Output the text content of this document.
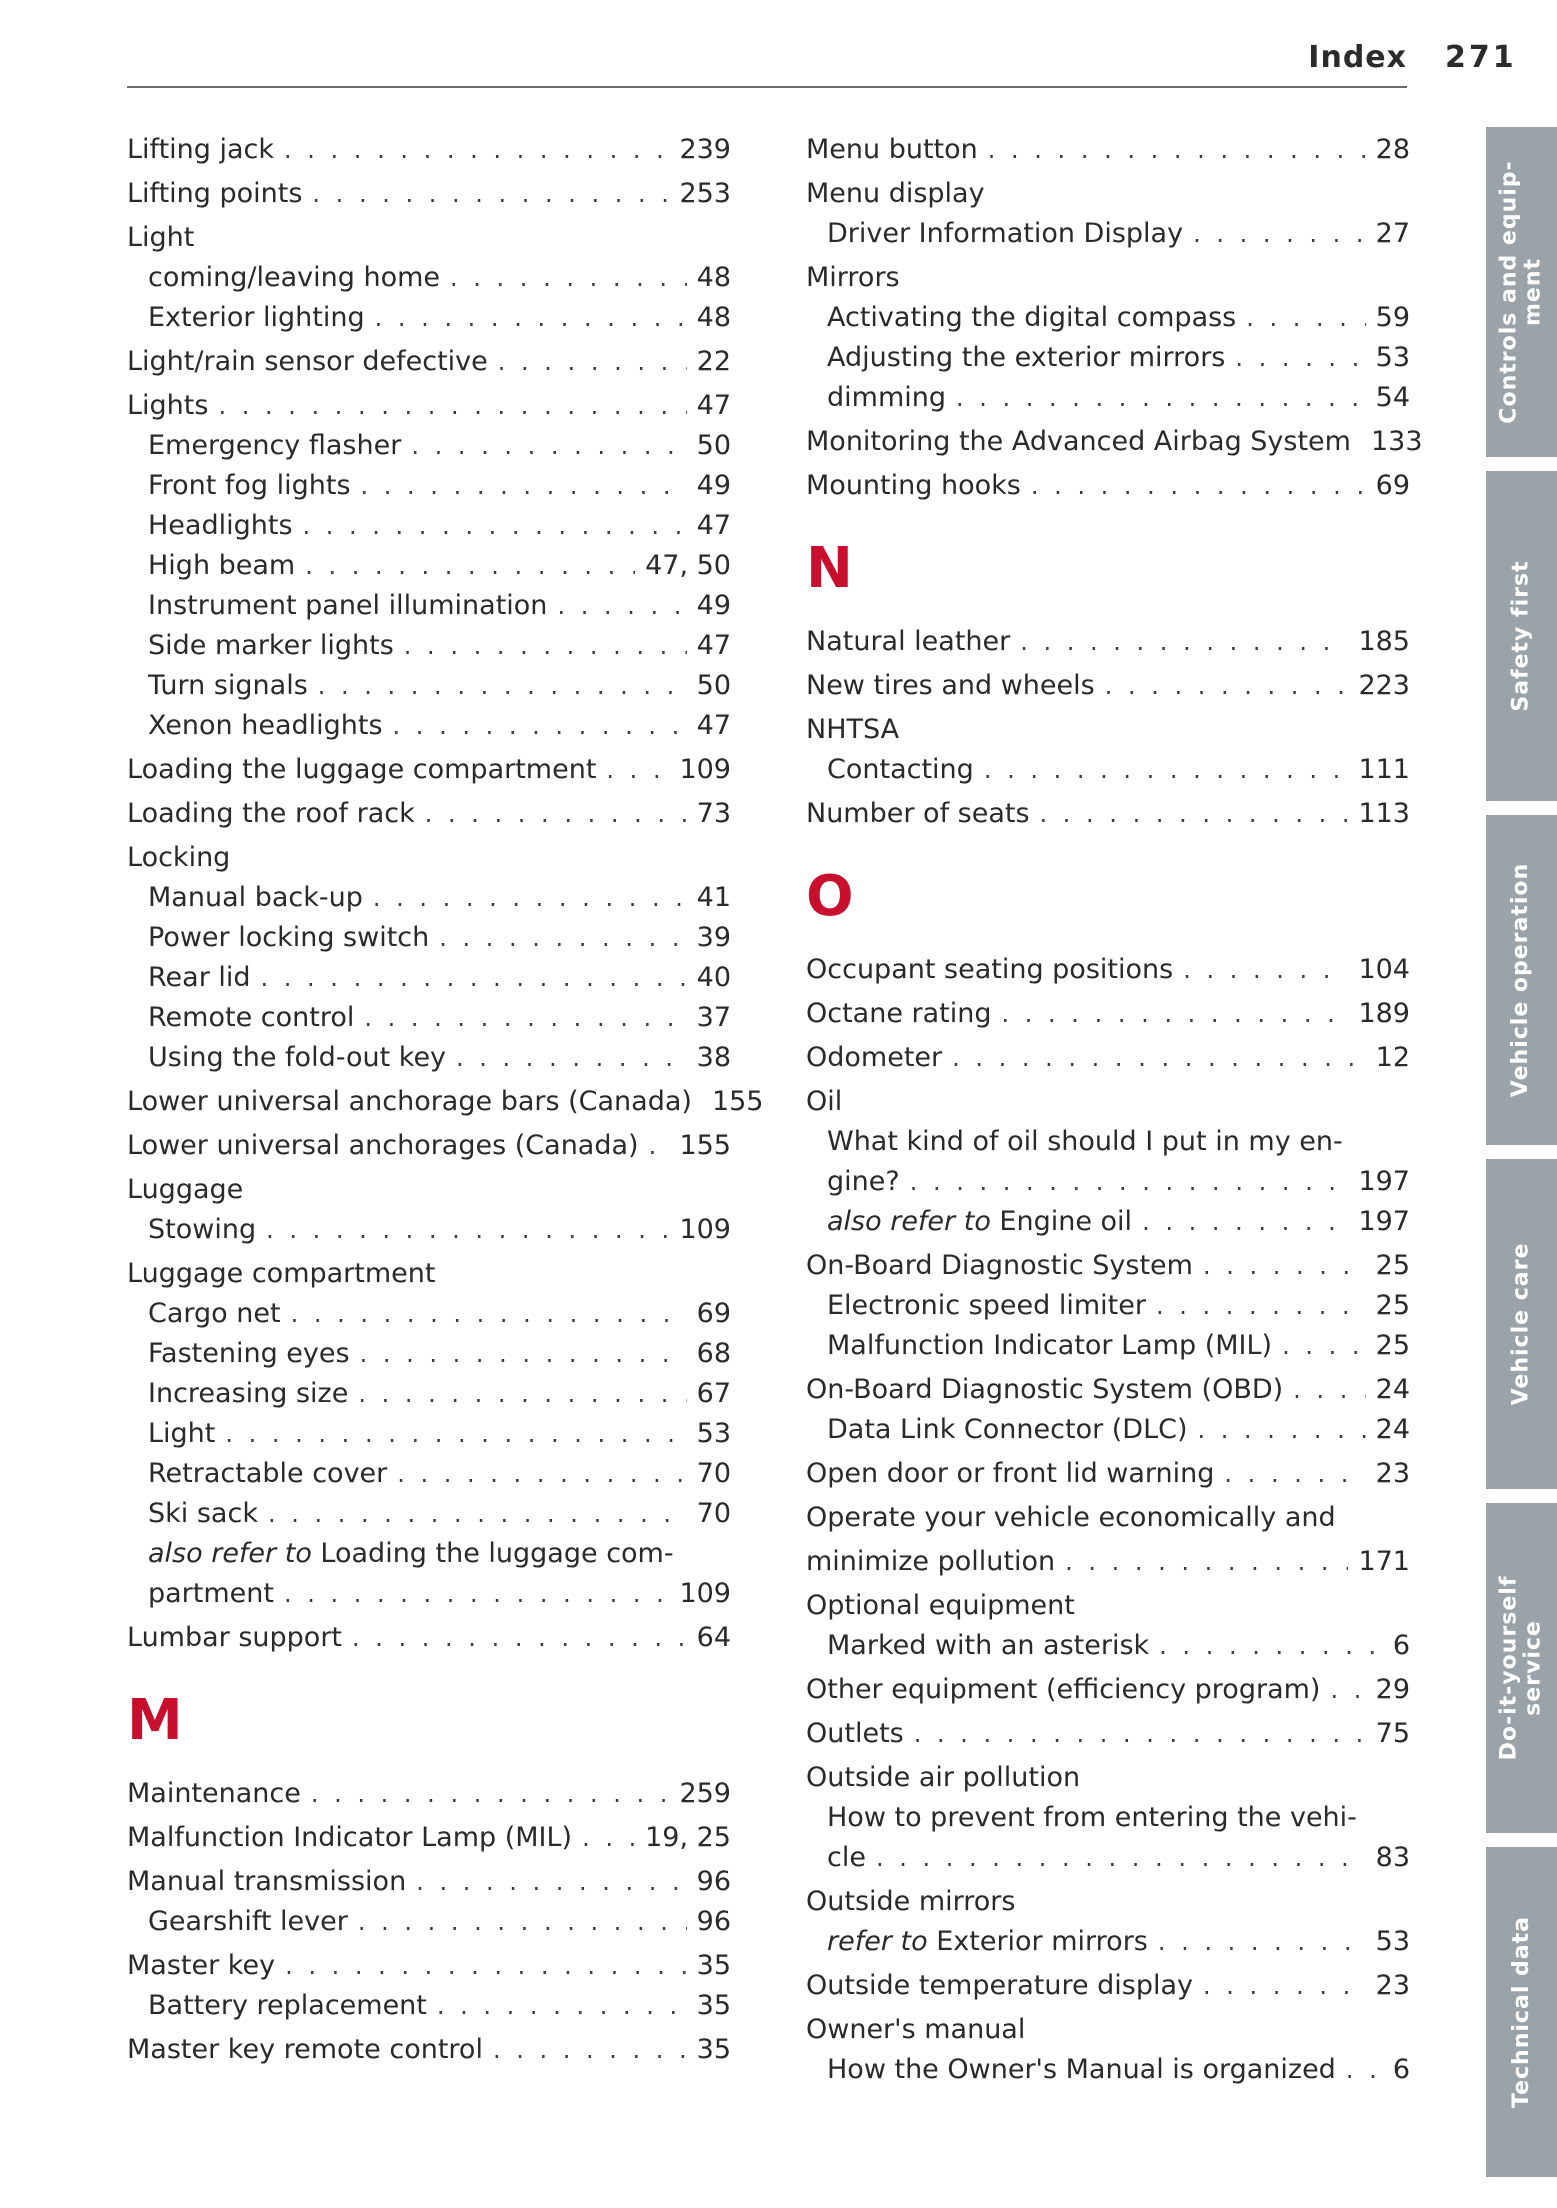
Index 271
Lifting jack . . .	239
Lifting points . . .	253
Light
coming/leaving home . . .	48
Exterior lighting . . .	48
Light/rain sensor defective . . .	22
Lights . . .	47
Emergency flasher . . .	50
Front fog lights . . .	49
Headlights . . .	47
High beam . . .	47, 50
Instrument panel illumination . . .	49
Side marker lights . . .	47
Turn signals . . .	50
Xenon headlights . . .	47
Loading the luggage compartment . . .	109
Loading the roof rack . . .	73
Locking
Manual back-up . . .	41
Power locking switch . . .	39
Rear lid . . .	40
Remote control . . .	37
Using the fold-out key . . .	38
Lower universal anchorage bars (Canada) 155
Lower universal anchorages (Canada) . . . 155
Luggage
Stowing . . .	109
Luggage compartment
Cargo net . . .	69
Fastening eyes . . .	68
Increasing size . . .	67
Light . . .	53
Retractable cover . . .	70
Ski sack . . .	70
also refer to Loading the luggage com-
partment . . .	109
Lumbar support . . .	64
M
Maintenance . . .	259
Malfunction Indicator Lamp (MIL) . . .	19, 25
Manual transmission . . .	96
Gearshift lever . . .	96
Master key . . .	35
Battery replacement . . .	35
Master key remote control . . .	35
Menu button . . .	28
Menu display
Driver Information Display . . .	27
Mirrors
Activating the digital compass . . .	59
Adjusting the exterior mirrors . . .	53
dimming . . .	54
Monitoring the Advanced Airbag System 133
Mounting hooks . . .	69
N
Natural leather . . .	185
New tires and wheels . . .	223
NHTSA
Contacting . . .	111
Number of seats . . .	113
O
Occupant seating positions . . .	104
Octane rating . . .	189
Odometer . . .	12
Oil
What kind of oil should I put in my en-
gine? . . .	197
also refer to Engine oil . . .	197
On-Board Diagnostic System . . .	25
Electronic speed limiter . . .	25
Malfunction Indicator Lamp (MIL) . . .	25
On-Board Diagnostic System (OBD) . . .	24
Data Link Connector (DLC) . . .	24
Open door or front lid warning . . .	23
Operate your vehicle economically and
minimize pollution . . .	171
Optional equipment
Marked with an asterisk . . .	6
Other equipment (efficiency program) . . . 29
Outlets . . .	75
Outside air pollution
How to prevent from entering the vehi-
cle . . .	83
Outside mirrors
refer to Exterior mirrors . . .	53
Outside temperature display . . .	23
Owner's manual
How the Owner's Manual is organized . . . 6
Controls and equip-
ment
Safety first
Vehicle operation
Vehicle care
Do-it-yourself
service
Technical data
